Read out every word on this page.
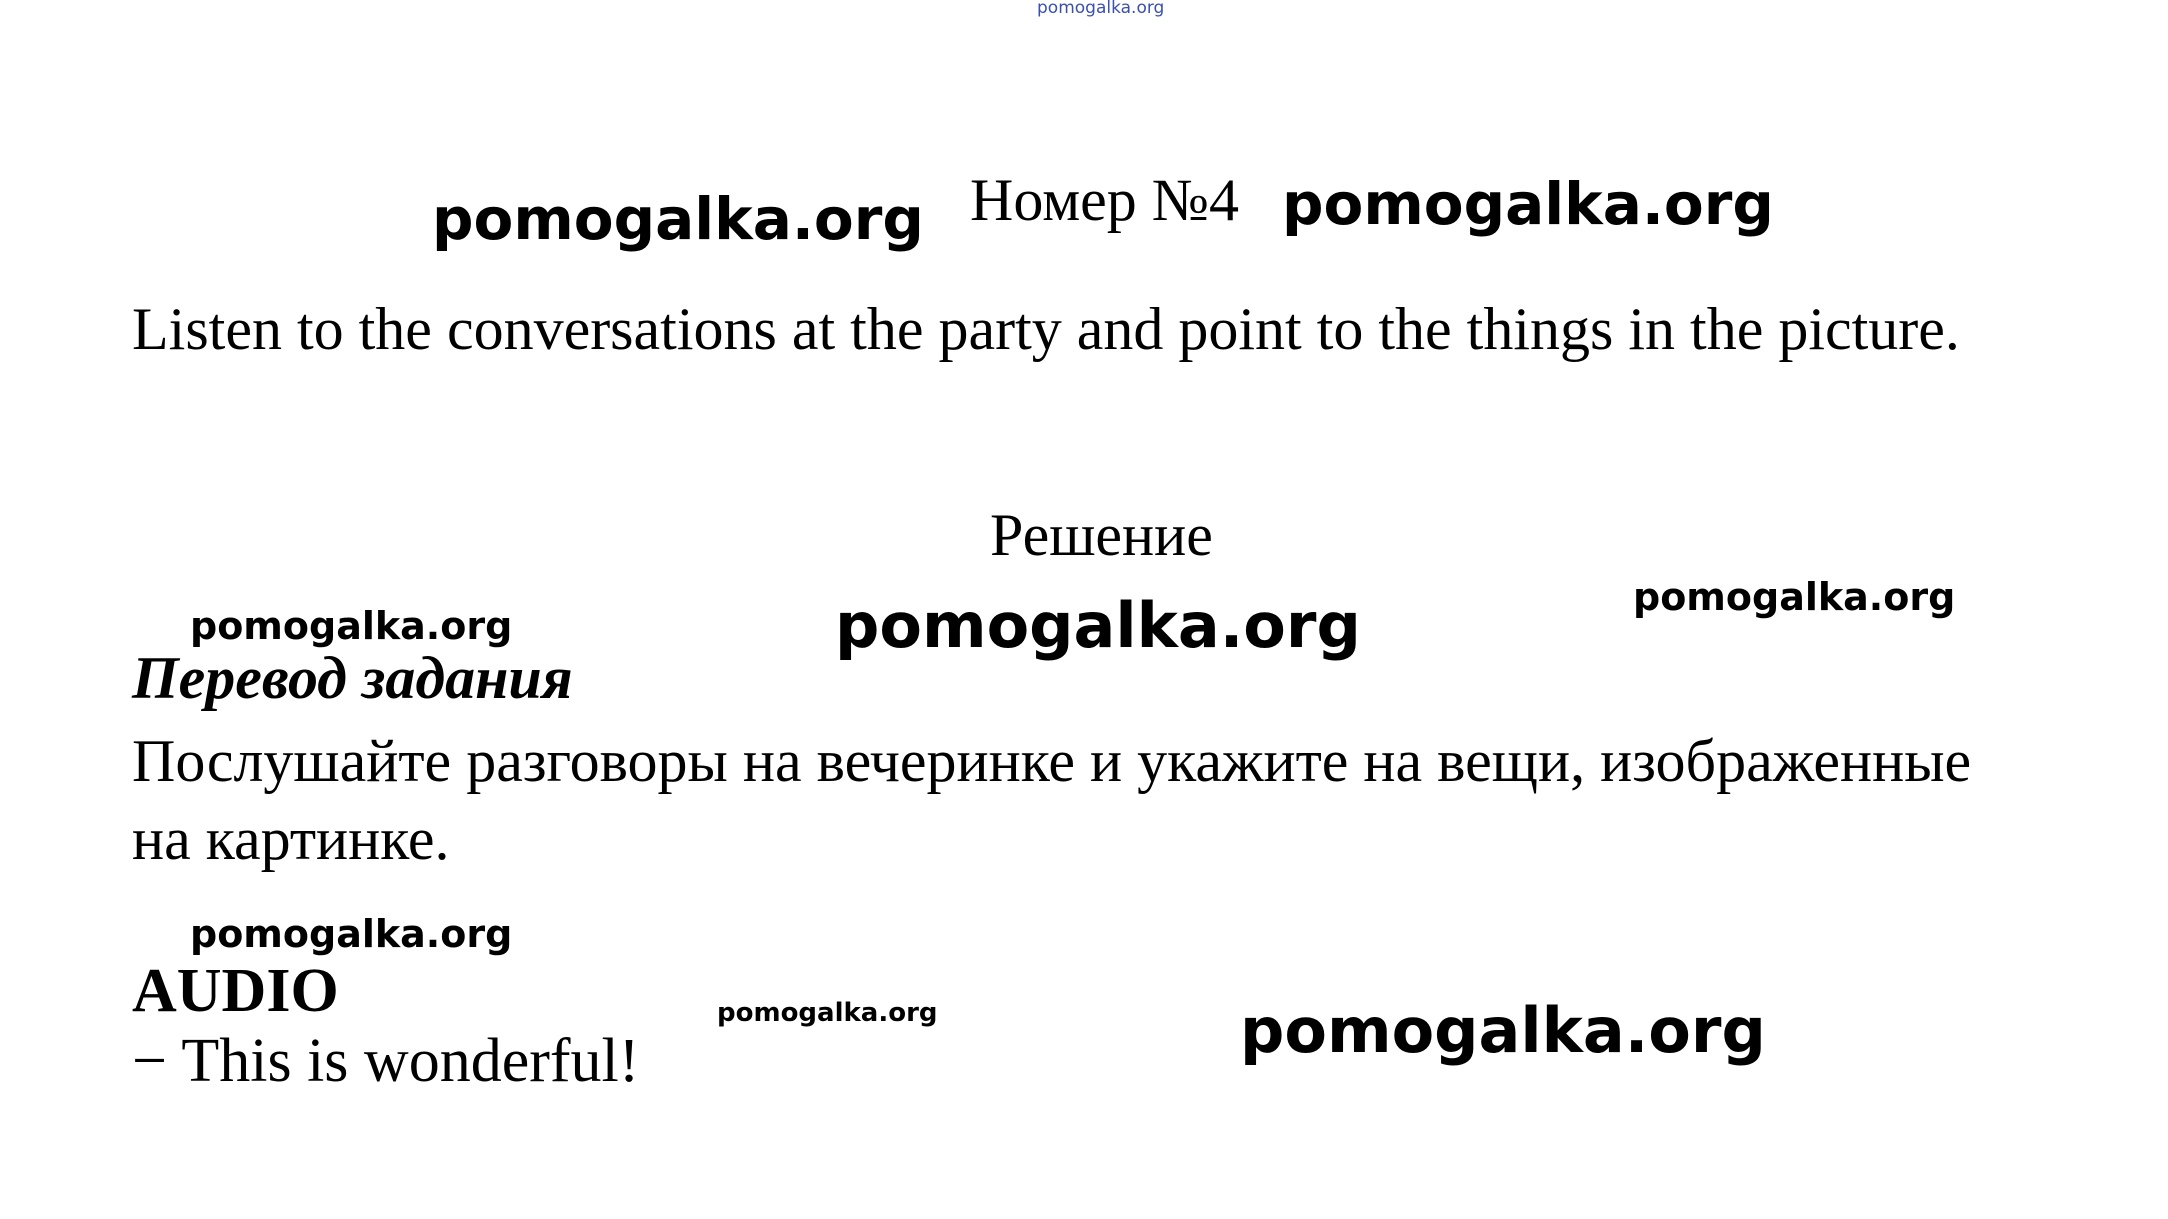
pomogalka.org
Номер №4
Listen to the conversations at the party and point to the things in the picture.
Решение
Перевод задания
Послушайте разговоры на вечеринке и укажите на вещи, изображенные на картинке.
AUDIO
− This is wonderful!
pomogalka.org	pomogalka.org
pomogalka.org	pomogalka.org	pomogalka.org
pomogalka.org
pomogalka.org	pomogalka.org
